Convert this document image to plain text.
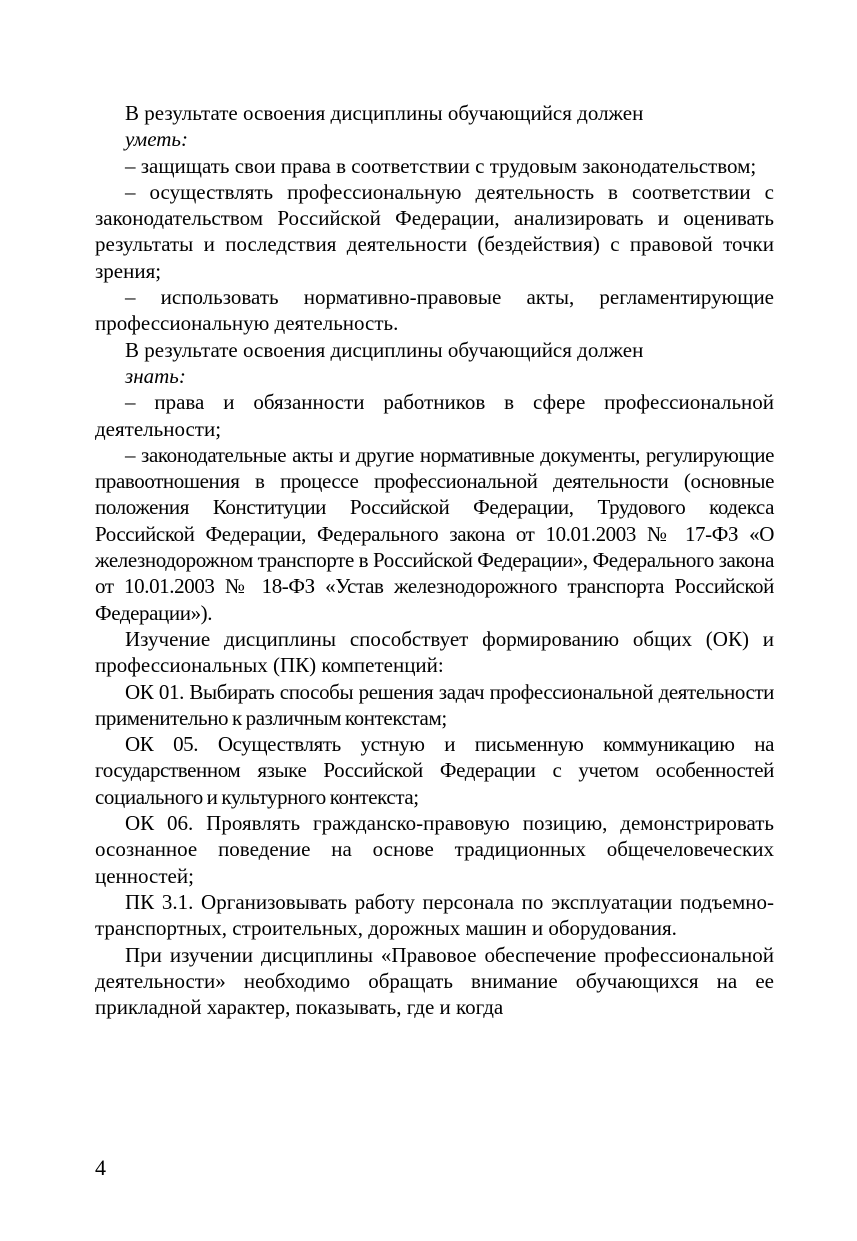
В результате освоения дисциплины обучающийся должен
уметь:

– защищать свои права в соответствии с трудовым законодательством;

– осуществлять профессиональную деятельность в соответствии с законодательством Российской Федерации, анализировать и оценивать результаты и последствия деятельности (бездействия) с правовой точки зрения;

– использовать нормативно-правовые акты, регламентирующие профессиональную деятельность.

В результате освоения дисциплины обучающийся должен
знать:

– права и обязанности работников в сфере профессиональной деятельности;

– законодательные акты и другие нормативные документы, регулирующие правоотношения в процессе профессиональной деятельности (основные положения Конституции Российской Федерации, Трудового кодекса Российской Федерации, Федерального закона от 10.01.2003 № 17-ФЗ «О железнодорожном транспорте в Российской Федерации», Федерального закона от 10.01.2003 № 18-ФЗ «Устав железнодорожного транспорта Российской Федерации»).

Изучение дисциплины способствует формированию общих (ОК) и профессиональных (ПК) компетенций:

ОК 01. Выбирать способы решения задач профессиональной деятельности применительно к различным контекстам;

ОК 05. Осуществлять устную и письменную коммуникацию на государственном языке Российской Федерации с учетом особенностей социального и культурного контекста;

ОК 06. Проявлять гражданско-правовую позицию, демонстрировать осознанное поведение на основе традиционных общечеловеческих ценностей;

ПК 3.1. Организовывать работу персонала по эксплуатации подъемно-транспортных, строительных, дорожных машин и оборудования.

При изучении дисциплины «Правовое обеспечение профессиональной деятельности» необходимо обращать внимание обучающихся на ее прикладной характер, показывать, где и когда

4
